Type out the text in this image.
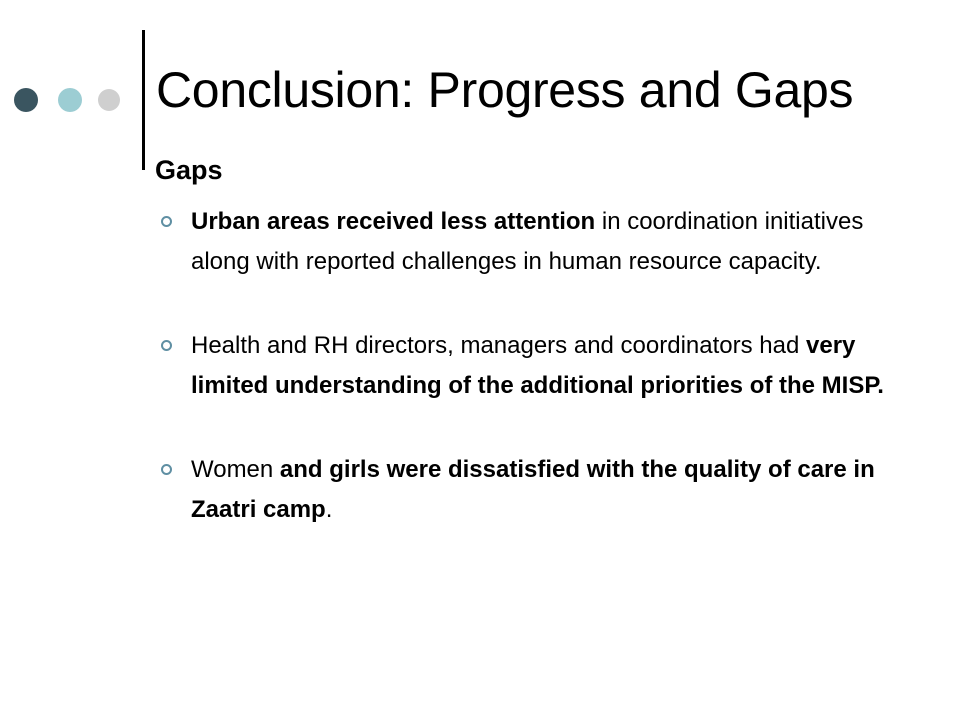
Conclusion: Progress and Gaps
Gaps
Urban areas received less attention in coordination initiatives along with reported challenges in human resource capacity.
Health and RH directors, managers and coordinators had very limited understanding of the additional priorities of the MISP.
Women and girls were dissatisfied with the quality of care in Zaatri camp.
